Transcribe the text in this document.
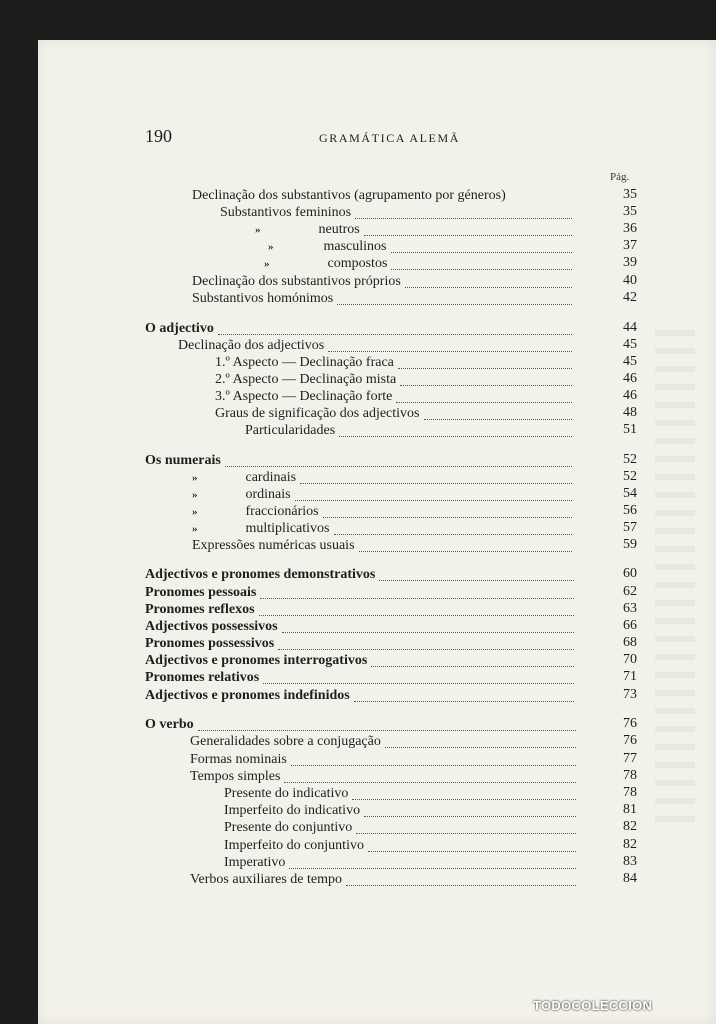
190	GRAMÁTICA ALEMÃ
Pág.
Declinação dos substantivos (agrupamento por géneros)	35
Substantivos femininos	35
»	neutros	36
»	masculinos	37
»	compostos	39
Declinação dos substantivos próprios	40
Substantivos homónimos	42
O adjectivo	44
Declinação dos adjectivos	45
1.º Aspecto — Declinação fraca	45
2.º Aspecto — Declinação mista	46
3.º Aspecto — Declinação forte	46
Graus de significação dos adjectivos	48
Particularidades	51
Os numerais	52
»	cardinais	52
»	ordinais	54
»	fraccionários	56
»	multiplicativos	57
Expressões numéricas usuais	59
Adjectivos e pronomes demonstrativos	60
Pronomes pessoais	62
Pronomes reflexos	63
Adjectivos possessivos	66
Pronomes possessivos	68
Adjectivos e pronomes interrogativos	70
Pronomes relativos	71
Adjectivos e pronomes indefinidos	73
O verbo	76
Generalidades sobre a conjugação	76
Formas nominais	77
Tempos simples	78
Presente do indicativo	78
Imperfeito do indicativo	81
Presente do conjuntivo	82
Imperfeito do conjuntivo	82
Imperativo	83
Verbos auxiliares de tempo	84
TODOCOLECCION
